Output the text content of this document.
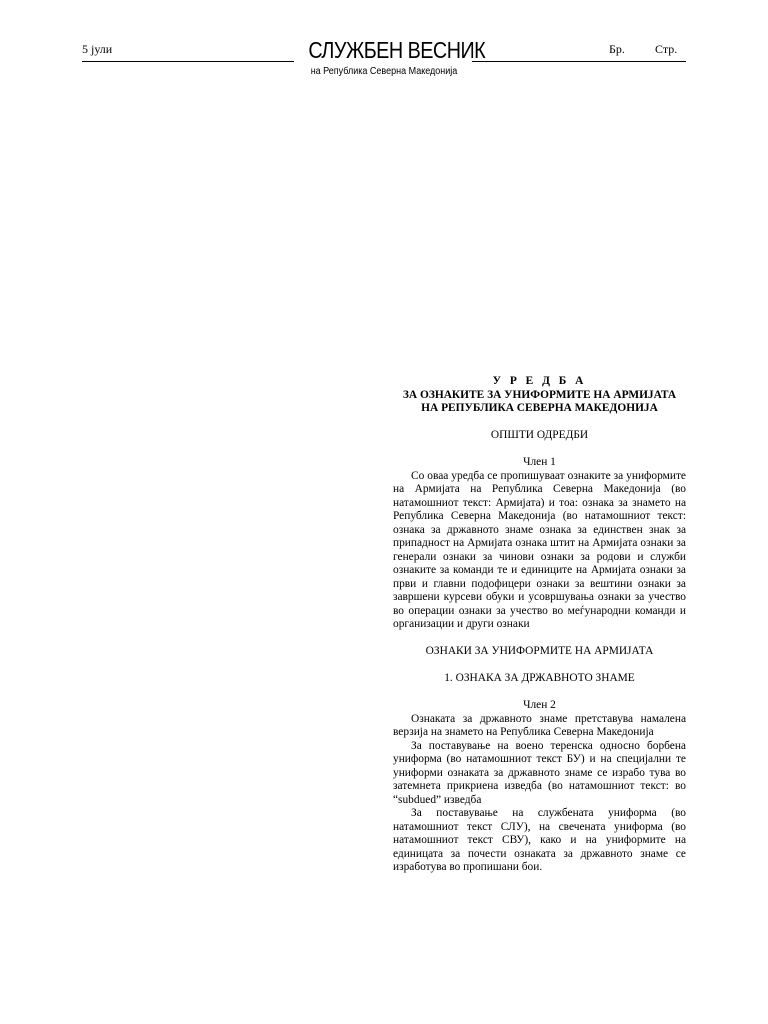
5 јули	СЛУЖБЕН ВЕСНИК
на Република Северна Македонија
Бр.	Стр.
У Р Е Д Б А
ЗА ОЗНАКИТЕ ЗА УНИФОРМИТЕ НА АРМИЈАТА
НА РЕПУБЛИКА СЕВЕРНА МАКЕДОНИЈА
ОПШТИ ОДРЕДБИ
Член 1

Со оваа уредба се пропишуваат ознаките за униформите на Армијата на Република Северна Македонија (во натамошниот текст: Армијата) и тоа: ознака за знамето на Република Северна Македонија (во натамошниот текст: ознака за државното знаме ознака за единствен знак за припадност на Армијата ознака штит на Армијата ознаки за генерали ознаки за чинови ознаки за родови и служби ознаките за команди те и единиците на Армијата ознаки за први и главни подофицери ознаки за вештини ознаки за завршени курсеви обуки и усовршувања ознаки за учество во операции ознаки за учество во меѓународни команди и организации и други ознаки

ОЗНАКИ ЗА УНИФОРМИТЕ НА АРМИЈАТА
1. ОЗНАКА ЗА ДРЖАВНОТО ЗНАМЕ
Член 2

Ознаката за државното знаме претставува намалена верзија на знамето на Република Северна Македонија

За поставување на воено теренска односно борбена униформа (во натамошниот текст БУ) и на специјални те униформи ознаката за државното знаме се израбо тува во затемнета прикриена изведба (во натамошниот текст: во “subdued” изведба

За поставување на службената униформа (во натамошниот текст СЛУ), на свечената униформа (во натамошниот текст СВУ), како и на униформите на единицата за почести ознаката за државното знаме се изработува во пропишани бои.
